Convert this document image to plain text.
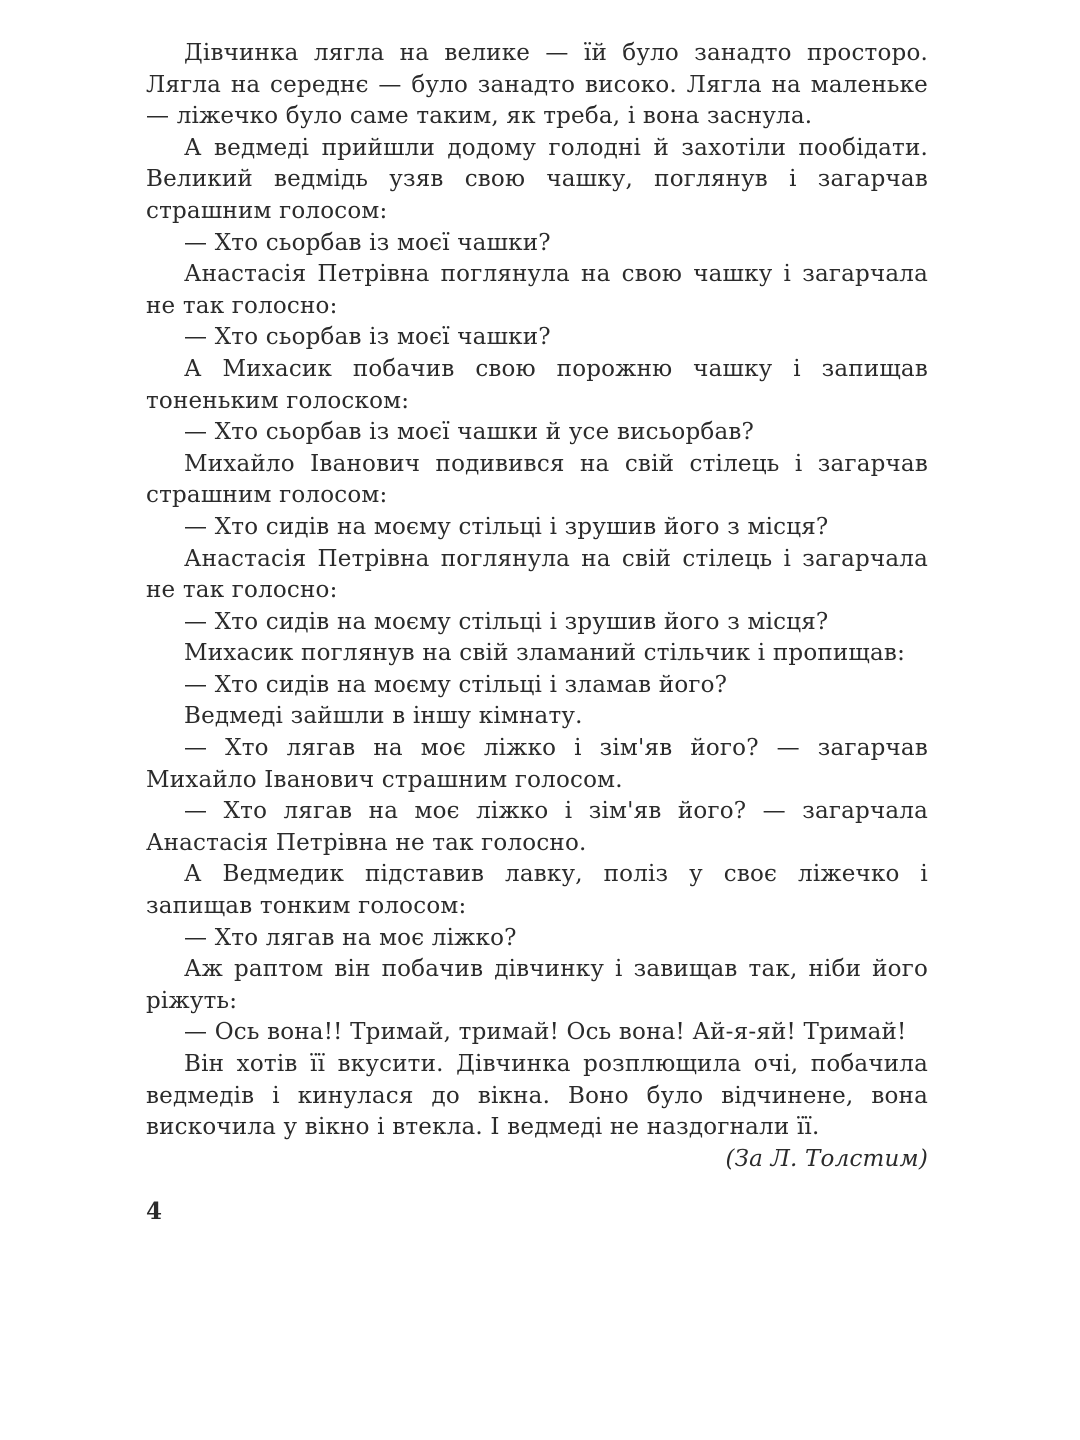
Дівчинка лягла на велике — їй було занадто просторо. Лягла на середнє — було занадто високо. Лягла на маленьке — ліжечко було саме таким, як треба, і вона заснула.

А ведмеді прийшли додому голодні й захотіли пообідати. Великий ведмідь узяв свою чашку, поглянув і загарчав страшним голосом:

— Хто сьорбав із моєї чашки?

Анастасія Петрівна поглянула на свою чашку і загарчала не так голосно:

— Хто сьорбав із моєї чашки?

А Михасик побачив свою порожню чашку і запищав тоненьким голоском:

— Хто сьорбав із моєї чашки й усе висьорбав?

Михайло Іванович подивився на свій стілець і загарчав страшним голосом:

— Хто сидів на моєму стільці і зрушив його з місця?

Анастасія Петрівна поглянула на свій стілець і загарчала не так голосно:

— Хто сидів на моєму стільці і зрушив його з місця?

Михасик поглянув на свій зламаний стільчик і пропищав:

— Хто сидів на моєму стільці і зламав його?

Ведмеді зайшли в іншу кімнату.

— Хто лягав на моє ліжко і зім'яв його? — загарчав Михайло Іванович страшним голосом.

— Хто лягав на моє ліжко і зім'яв його? — загарчала Анастасія Петрівна не так голосно.

А Ведмедик підставив лавку, поліз у своє ліжечко і запищав тонким голосом:

— Хто лягав на моє ліжко?

Аж раптом він побачив дівчинку і завищав так, ніби його ріжуть:

— Ось вона!! Тримай, тримай! Ось вона! Ай-я-яй! Тримай!

Він хотів її вкусити. Дівчинка розплющила очі, побачила ведмедів і кинулася до вікна. Воно було відчинене, вона вискочила у вікно і втекла. І ведмеді не наздогнали її.

(За Л. Толстим)

4
